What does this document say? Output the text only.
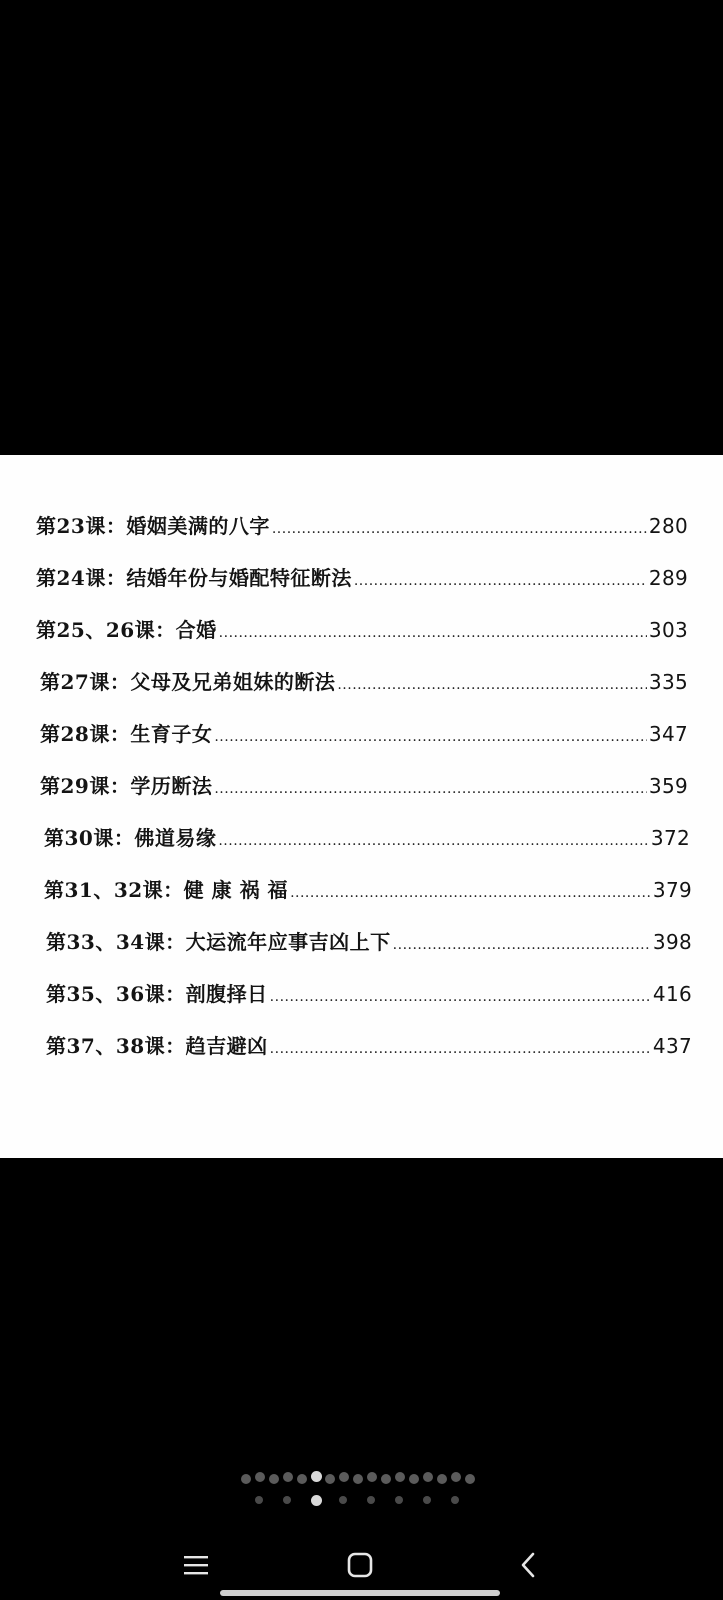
第23课：婚姻美满的八字 .....	280
第24课：结婚年份与婚配特征断法 .....	289
第25、26课：合婚 .....	303
第27课：父母及兄弟姐妹的断法 .....	335
第28课：生育子女 .....	347
第29课：学历断法 .....	359
第30课：佛道易缘 .....	372
第31、32课：健 康 祸 福 .....	379
第33、34课：大运流年应事吉凶上下 .....	398
第35、36课：剖腹择日 .....	416
第37、38课：趋吉避凶 .....	437
